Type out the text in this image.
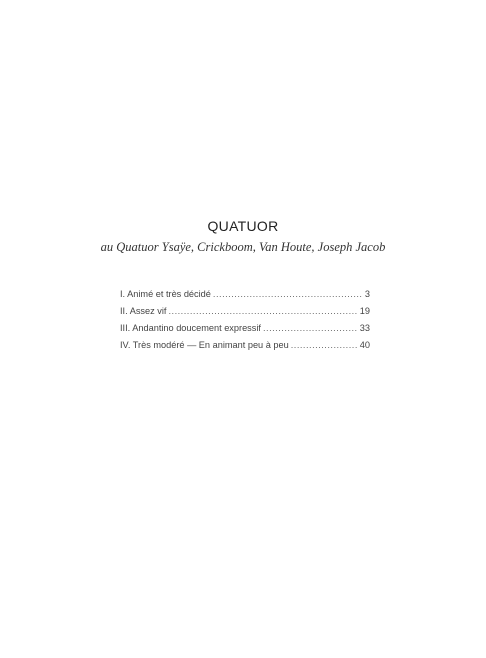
QUATUOR
au Quatuor Ysaÿe, Crickboom, Van Houte, Joseph Jacob
I. Animé et très décidé .....	3
II. Assez vif .....	19
III. Andantino doucement expressif .....	33
IV. Très modéré — En animant peu à peu .....	40
